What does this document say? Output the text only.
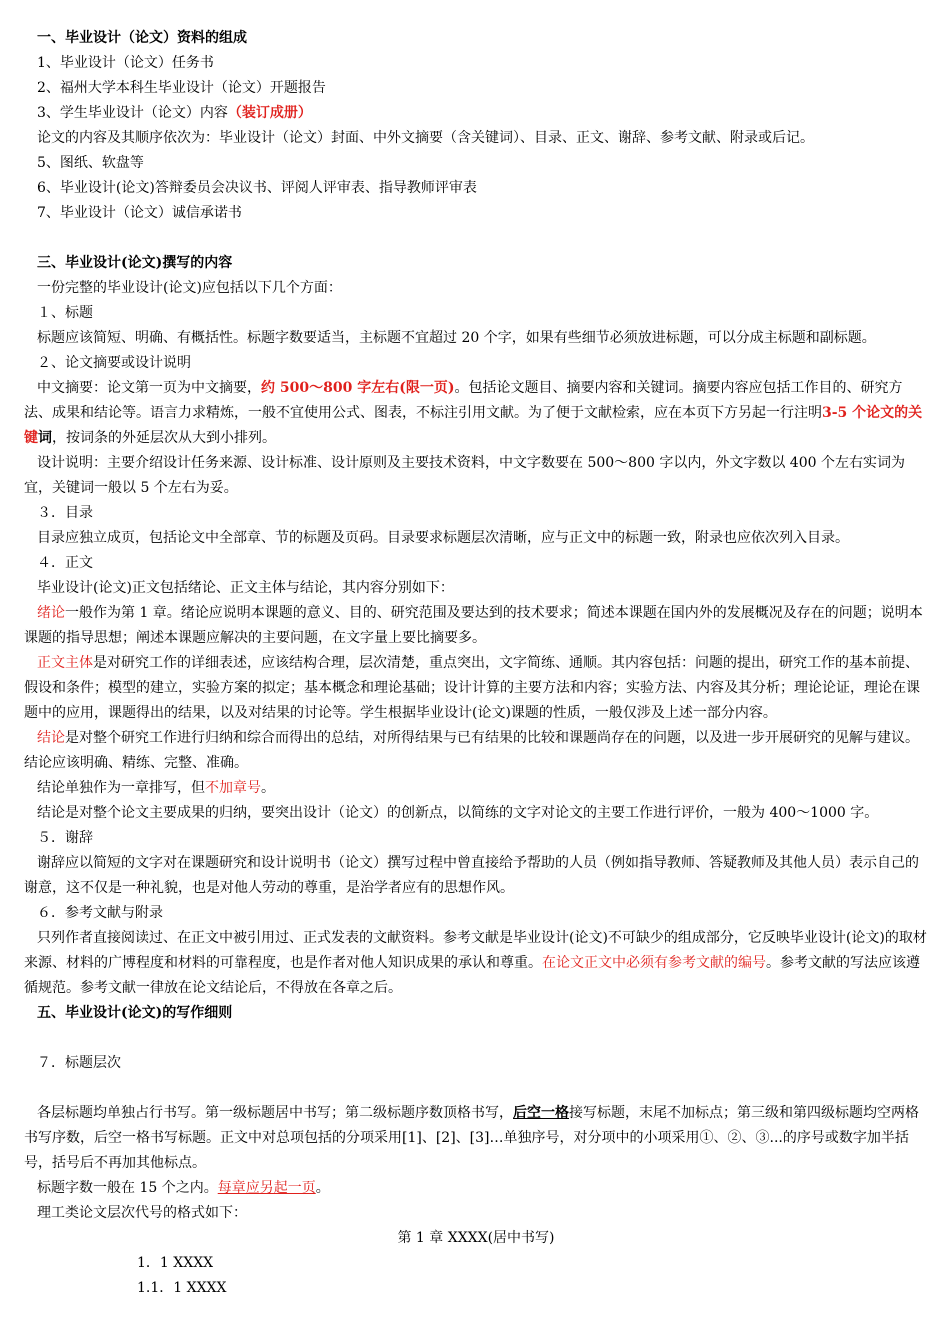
一、毕业设计（论文）资料的组成
1、毕业设计（论文）任务书
2、福州大学本科生毕业设计（论文）开题报告
3、学生毕业设计（论文）内容（装订成册）
论文的内容及其顺序依次为：毕业设计（论文）封面、中外文摘要（含关键词）、目录、正文、谢辞、参考文献、附录或后记。
5、图纸、软盘等
6、毕业设计(论文)答辩委员会决议书、评阅人评审表、指导教师评审表
7、毕业设计（论文）诚信承诺书
三、毕业设计(论文)撰写的内容
一份完整的毕业设计(论文)应包括以下几个方面：
１、标题

标题应该简短、明确、有概括性。标题字数要适当，主标题不宜超过 20 个字，如果有些细节必须放进标题，可以分成主标题和副标题。

２、论文摘要或设计说明

中文摘要：论文第一页为中文摘要，约 500～800 字左右(限一页)。包括论文题目、摘要内容和关键词。摘要内容应包括工作目的、研究方法、成果和结论等。语言力求精炼，一般不宜使用公式、图表，不标注引用文献。为了便于文献检索，应在本页下方另起一行注明3-5 个论文的关键词，按词条的外延层次从大到小排列。

设计说明：主要介绍设计任务来源、设计标准、设计原则及主要技术资料，中文字数要在 500～800 字以内，外文字数以 400 个左右实词为宜，关键词一般以 5 个左右为妥。

３．目录

目录应独立成页，包括论文中全部章、节的标题及页码。目录要求标题层次清晰，应与正文中的标题一致，附录也应依次列入目录。

４．正文
毕业设计(论文)正文包括绪论、正文主体与结论，其内容分别如下：

绪论一般作为第 1 章。绪论应说明本课题的意义、目的、研究范围及要达到的技术要求；简述本课题在国内外的发展概况及存在的问题；说明本课题的指导思想；阐述本课题应解决的主要问题，在文字量上要比摘要多。

正文主体是对研究工作的详细表述，应该结构合理，层次清楚，重点突出，文字简练、通顺。其内容包括：问题的提出，研究工作的基本前提、假设和条件；模型的建立，实验方案的拟定；基本概念和理论基础；设计计算的主要方法和内容；实验方法、内容及其分析；理论论证，理论在课题中的应用，课题得出的结果，以及对结果的讨论等。学生根据毕业设计(论文)课题的性质，一般仅涉及上述一部分内容。

结论是对整个研究工作进行归纳和综合而得出的总结，对所得结果与已有结果的比较和课题尚存在的问题，以及进一步开展研究的见解与建议。结论应该明确、精练、完整、准确。

结论单独作为一章排写，但不加章号。
结论是对整个论文主要成果的归纳，要突出设计（论文）的创新点，以简练的文字对论文的主要工作进行评价，一般为 400～1000 字。
５．谢辞

谢辞应以简短的文字对在课题研究和设计说明书（论文）撰写过程中曾直接给予帮助的人员（例如指导教师、答疑教师及其他人员）表示自己的谢意，这不仅是一种礼貌，也是对他人劳动的尊重，是治学者应有的思想作风。

６．参考文献与附录

只列作者直接阅读过、在正文中被引用过、正式发表的文献资料。参考文献是毕业设计(论文)不可缺少的组成部分，它反映毕业设计(论文)的取材来源、材料的广博程度和材料的可靠程度，也是作者对他人知识成果的承认和尊重。在论文正文中必须有参考文献的编号。参考文献的写法应该遵循规范。参考文献一律放在论文结论后，不得放在各章之后。

五、毕业设计(论文)的写作细则
７．标题层次

各层标题均单独占行书写。第一级标题居中书写；第二级标题序数顶格书写，后空一格接写标题，末尾不加标点；第三级和第四级标题均空两格书写序数，后空一格书写标题。正文中对总项包括的分项采用[1]、[2]、[3]…单独序号，对分项中的小项采用①、②、③...的序号或数字加半括号，括号后不再加其他标点。

标题字数一般在 15 个之内。每章应另起一页。
理工类论文层次代号的格式如下：
第 1 章 XXXX(居中书写)
1．1 XXXX
1.1．1 XXXX
